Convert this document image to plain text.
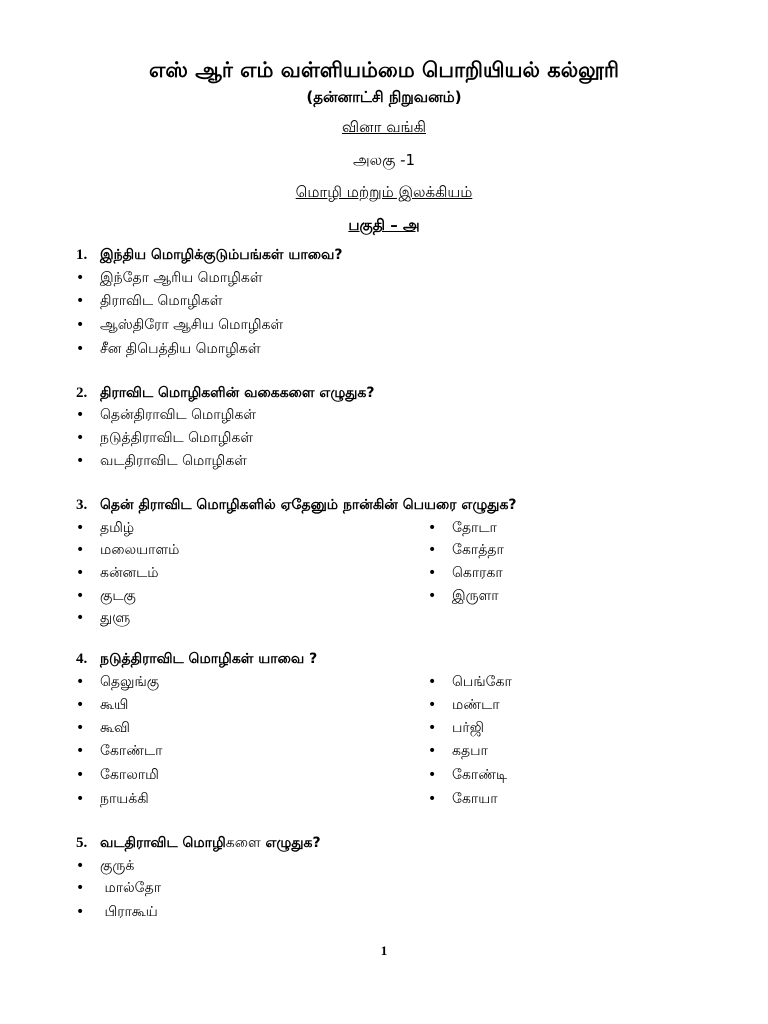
எஸ் ஆர் எம் வள்ளியம்மை பொறியியல் கல்லூரி
(தன்னாட்சி நிறுவனம்)
வினா வங்கி
அலகு -1
மொழி மற்றும் இலக்கியம்
பகுதி – அ
1. இந்திய மொழிக்குடும்பங்கள் யாவை?
• இந்தோ ஆரிய மொழிகள்
• திராவிட மொழிகள்
• ஆஸ்திரோ ஆசிய மொழிகள்
• சீன திபெத்திய மொழிகள்
2. திராவிட மொழிகளின் வகைகளை எழுதுக?
• தென்திராவிட மொழிகள்
• நடுத்திராவிட மொழிகள்
• வடதிராவிட மொழிகள்
3. தென் திராவிட மொழிகளில் ஏதேனும் நான்கின் பெயரை எழுதுக?
• தமிழ்
• மலையாளம்
• கன்னடம்
• குடகு
• துளு
• தோடா
• கோத்தா
• கொரகா
• இருளா
4. நடுத்திராவிட மொழிகள் யாவை ?
• தெலுங்கு
• கூயி
• கூவி
• கோண்டா
• கோலாமி
• நாயக்கி
• பெங்கோ
• மண்டா
• பர்ஜி
• கதபா
• கோண்டி
• கோயா
5. வடதிராவிட மொழிகளை எழுதுக?
• குருக்
• மால்தோ
• பிராகூய்
1
